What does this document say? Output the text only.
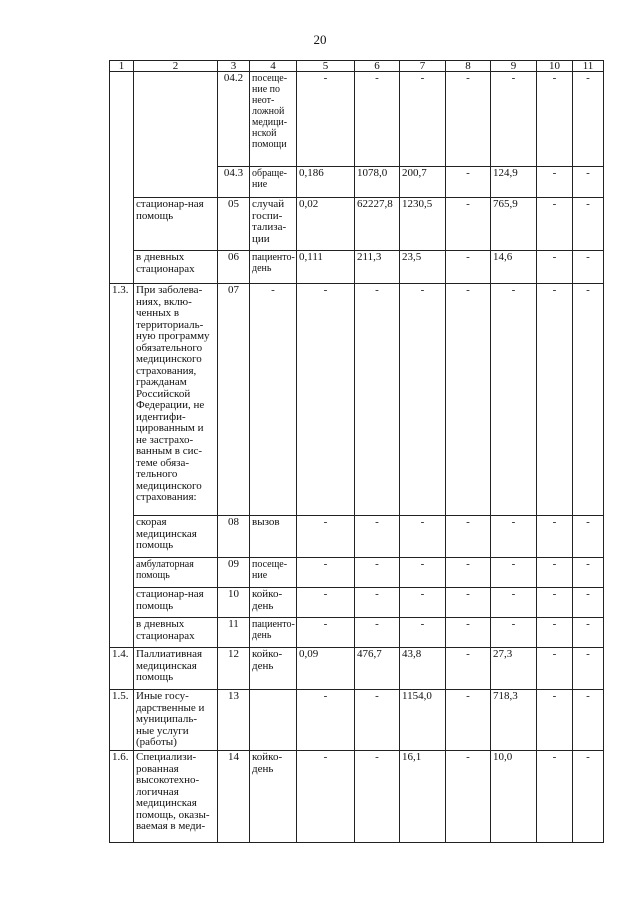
20
1	2	3	4	5	6	7	8	9	10	11
		04.2	посеще-ние по неот-ложной медици-нской помощи	-	-	-	-	-	-	-
		04.3	обраще-ние	0,186	1078,0	200,7	-	124,9	-	-
	стационар-ная помощь	05	случай госпи-тализа-ции	0,02	62227,8	1230,5	-	765,9	-	-
	в дневных стационарах	06	пациенто-день	0,111	211,3	23,5	-	14,6	-	-
1.3.	При заболева-ниях, вклю-ченных в территориаль-ную программу обязательного медицинского страхования, гражданам Российской Федерации, не идентифи-цированным и не застрахо-ванным в сис-теме обяза-тельного медицинского страхования:	07	-	-	-	-	-	-	-	-
	скорая медицинская помощь	08	вызов	-	-	-	-	-	-	-
	амбулаторная помощь	09	посеще-ние	-	-	-	-	-	-	-
	стационар-ная помощь	10	койко-день	-	-	-	-	-	-	-
	в дневных стационарах	11	пациенто-день	-	-	-	-	-	-	-
1.4.	Паллиативная медицинская помощь	12	койко-день	0,09	476,7	43,8	-	27,3	-	-
1.5.	Иные госу-дарственные и муниципаль-ные услуги (работы)	13		-	-	1154,0	-	718,3	-	-
1.6.	Специализи-рованная высокотехно-логичная медицинская помощь, оказы-ваемая в меди-	14	койко-день	-	-	16,1	-	10,0	-	-
